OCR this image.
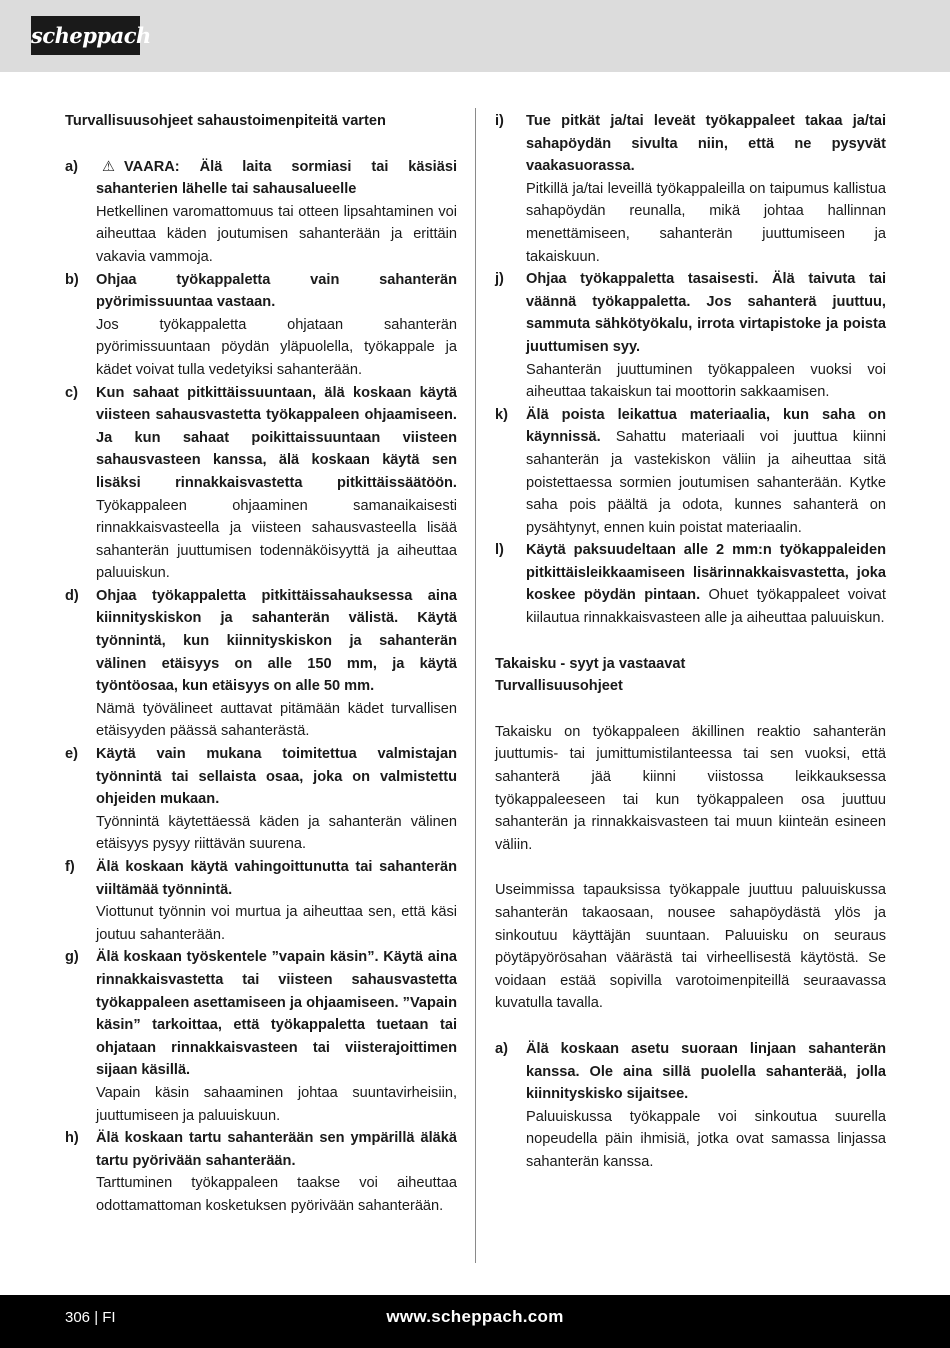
scheppach
Turvallisuusohjeet sahaustoimenpiteitä varten
a)	⚠ VAARA: Älä laita sormiasi tai käsiäsi sahanterien lähelle tai sahausalueelle
Hetkellinen varomattomuus tai otteen lipsahtaminen voi aiheuttaa käden joutumisen sahanterään ja erittäin vakavia vammoja.
b)	Ohjaa työkappaletta vain sahanterän pyörimissuuntaa vastaan.
Jos työkappaletta ohjataan sahanterän pyörimissuuntaan pöydän yläpuolella, työkappale ja kädet voivat tulla vedetyiksi sahanterään.
c)	Kun sahaat pitkittäissuuntaan, älä koskaan käytä viisteen sahausvastetta työkappaleen ohjaamiseen. Ja kun sahaat poikittaissuuntaan viisteen sahausvasteen kanssa, älä koskaan käytä sen lisäksi rinnakkaisvastetta pitkittäissäätöön. Työkappaleen ohjaaminen samanaikaisesti rinnakkaisvasteella ja viisteen sahausvasteella lisää sahanterän juuttumisen todennäköisyyttä ja aiheuttaa paluuiskun.
d)	Ohjaa työkappaletta pitkittäissahauksessa aina kiinnityskiskon ja sahanterän välistä. Käytä työnnintä, kun kiinnityskiskon ja sahanterän välinen etäisyys on alle 150 mm, ja käytä työntöosaa, kun etäisyys on alle 50 mm.
Nämä työvälineet auttavat pitämään kädet turvallisen etäisyyden päässä sahanterästä.
e)	Käytä vain mukana toimitettua valmistajan työnnintä tai sellaista osaa, joka on valmistettu ohjeiden mukaan.
Työnnintä käytettäessä käden ja sahanterän välinen etäisyys pysyy riittävän suurena.
f)	Älä koskaan käytä vahingoittunutta tai sahanterän viiltämää työnnintä.
Viottunut työnnin voi murtua ja aiheuttaa sen, että käsi joutuu sahanterään.
g)	Älä koskaan työskentele ”vapain käsin”. Käytä aina rinnakkaisvastetta tai viisteen sahausvastetta työkappaleen asettamiseen ja ohjaamiseen. ”Vapain käsin” tarkoittaa, että työkappaletta tuetaan tai ohjataan rinnakkaisvasteen tai viisterajoittimen sijaan käsillä.
Vapain käsin sahaaminen johtaa suuntavirheisiin, juuttumiseen ja paluuiskuun.
h)	Älä koskaan tartu sahanterään sen ympärillä äläkä tartu pyörivään sahanterään.
Tarttuminen työkappaleen taakse voi aiheuttaa odottamattoman kosketuksen pyörivään sahanterään.
i)	Tue pitkät ja/tai leveät työkappaleet takaa ja/tai sahapöydän sivulta niin, että ne pysyvät vaakasuorassa.
Pitkillä ja/tai leveillä työkappaleilla on taipumus kallistua sahapöydän reunalla, mikä johtaa hallinnan menettämiseen, sahanterän juuttumiseen ja takaiskuun.
j)	Ohjaa työkappaletta tasaisesti. Älä taivuta tai väännä työkappaletta. Jos sahanterä juuttuu, sammuta sähkötyökalu, irrota virtapistoke ja poista juuttumisen syy.
Sahanterän juuttuminen työkappaleen vuoksi voi aiheuttaa takaiskun tai moottorin sakkaamisen.
k)	Älä poista leikattua materiaalia, kun saha on käynnissä. Sahattu materiaali voi juuttua kiinni sahanterän ja vastekiskon väliin ja aiheuttaa sitä poistettaessa sormien joutumisen sahanterään. Kytke saha pois päältä ja odota, kunnes sahanterä on pysähtynyt, ennen kuin poistat materiaalin.
l)	Käytä paksuudeltaan alle 2 mm:n työkappaleiden pitkittäisleikkaamiseen lisärinnakkaisvastetta, joka koskee pöydän pintaan. Ohuet työkappaleet voivat kiilautua rinnakkaisvasteen alle ja aiheuttaa paluuiskun.
Takaisku - syyt ja vastaavat
Turvallisuusohjeet

Takaisku on työkappaleen äkillinen reaktio sahanterän juuttumis- tai jumittumistilanteessa tai sen vuoksi, että sahanterä jää kiinni viistossa leikkauksessa työkappaleeseen tai kun työkappaleen osa juuttuu sahanterän ja rinnakkaisvasteen tai muun kiinteän esineen väliin.

Useimmissa tapauksissa työkappale juuttuu paluuiskussa sahanterän takaosaan, nousee sahapöydästä ylös ja sinkoutuu käyttäjän suuntaan. Paluuisku on seuraus pöytäpyörösahan väärästä tai virheellisestä käytöstä. Se voidaan estää sopivilla varotoimenpiteillä seuraavassa kuvatulla tavalla.

a)	Älä koskaan asetu suoraan linjaan sahanterän kanssa. Ole aina sillä puolella sahanterää, jolla kiinnityskisko sijaitsee.
Paluuiskussa työkappale voi sinkoutua suurella nopeudella päin ihmisiä, jotka ovat samassa linjassa sahanterän kanssa.
306 | FI	www.scheppach.com
